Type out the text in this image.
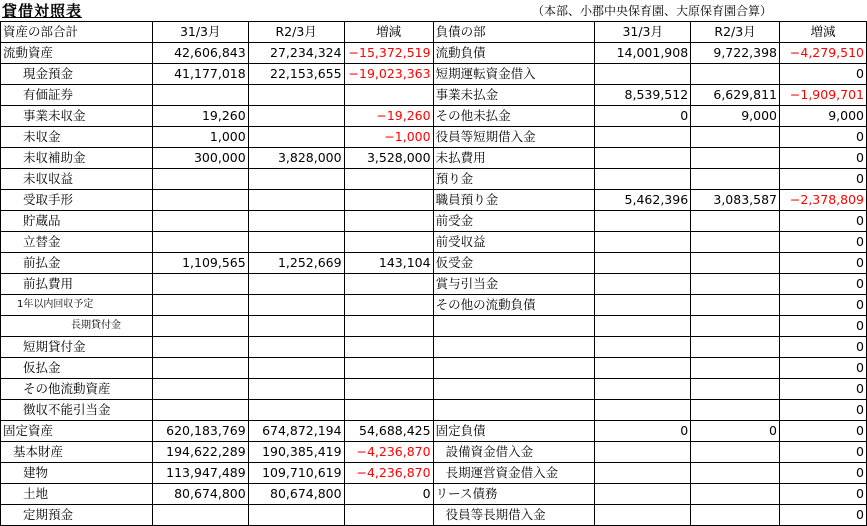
貸借対照表	（本部、小郡中央保育園、大原保育園合算）
資産の部合計	31/3月	R2/3月	増減	負債の部	31/3月	R2/3月	増減
流動資産	42,606,843	27,234,324	−15,372,519	流動負債	14,001,908	9,722,398	−4,279,510
現金預金	41,177,018	22,153,655	−19,023,363	短期運転資金借入			0
有価証券				事業未払金	8,539,512	6,629,811	−1,909,701
事業未収金	19,260		−19,260	その他未払金	0	9,000	9,000
未収金	1,000		−1,000	役員等短期借入金			0
未収補助金	300,000	3,828,000	3,528,000	未払費用			0
未収収益				預り金			0
受取手形				職員預り金	5,462,396	3,083,587	−2,378,809
貯蔵品				前受金			0
立替金				前受収益			0
前払金	1,109,565	1,252,669	143,104	仮受金			0
前払費用				賞与引当金			0
1年以内回収予定				その他の流動負債			0
長期貸付金							0
短期貸付金							0
仮払金							0
その他流動資産							0
徴収不能引当金							0
固定資産	620,183,769	674,872,194	54,688,425	固定負債	0	0	0
基本財産	194,622,289	190,385,419	−4,236,870	設備資金借入金			0
建物	113,947,489	109,710,619	−4,236,870	長期運営資金借入金			0
土地	80,674,800	80,674,800	0	リース債務			0
定期預金				役員等長期借入金			0
